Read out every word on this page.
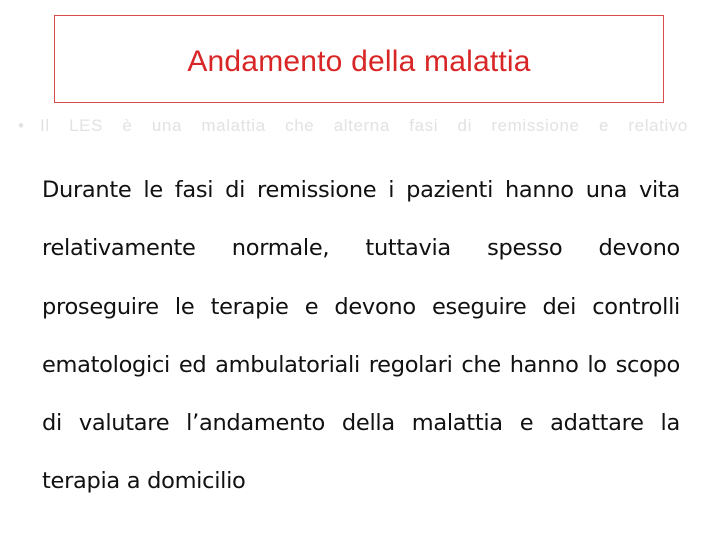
Andamento della malattia
• Il LES è una malattia che alterna fasi di remissione e relativo

Durante le fasi di remissione i pazienti hanno una vita relativamente normale, tuttavia spesso devono proseguire le terapie e devono eseguire dei controlli ematologici ed ambulatoriali regolari che hanno lo scopo di valutare l’andamento della malattia e adattare la terapia a domicilio
